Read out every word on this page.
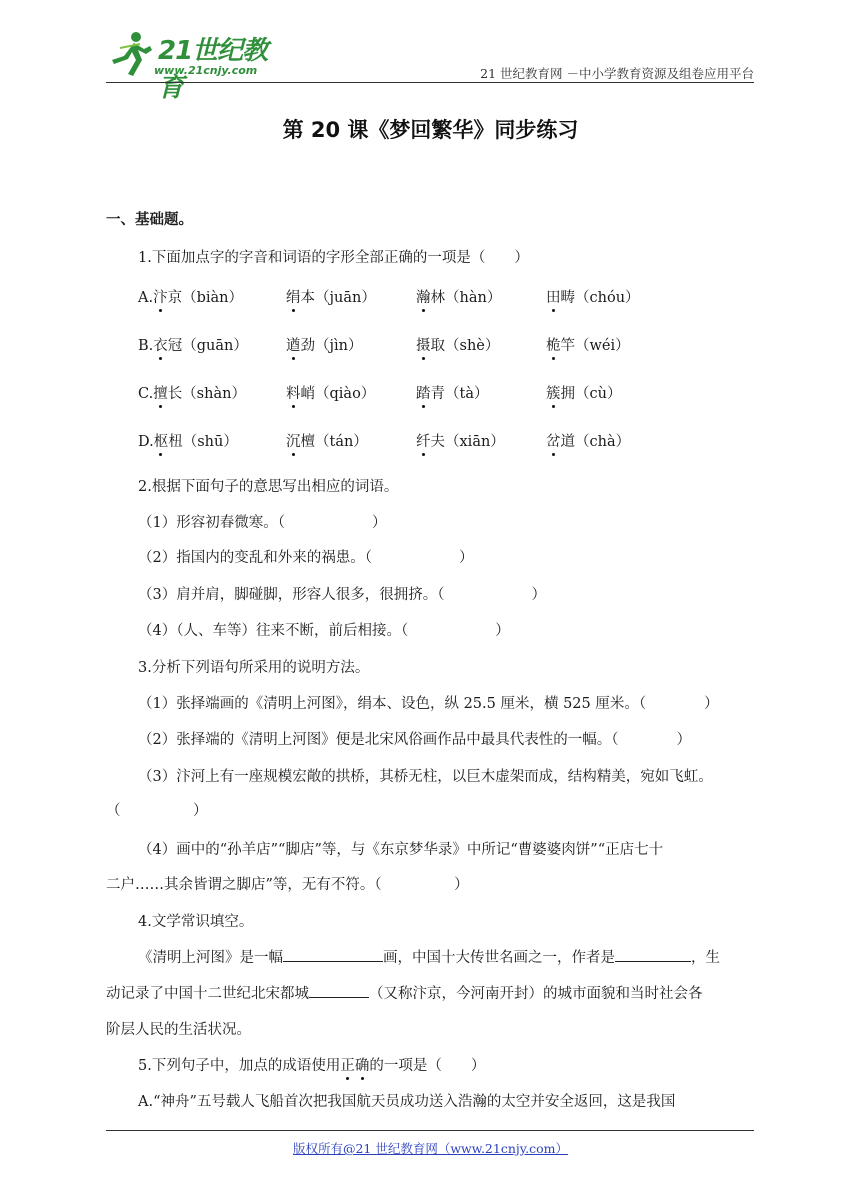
21世纪教育
www.21cnjy.com	21 世纪教育网 －中小学教育资源及组卷应用平台
第 20 课《梦回繁华》同步练习
一、基础题。
1.下面加点字的字音和词语的字形全部正确的一项是（　　）
A.汴京（biàn）	绢本（juān）	瀚林（hàn）	田畴（chóu）
B.衣冠（guān）	遒劲（jìn）	摄取（shè）	桅竿（wéi）
C.擅长（shàn）	料峭（qiào）	踏青（tà）	簇拥（cù）
D.枢杻（shū）	沉檀（tán）	纤夫（xiān）	岔道（chà）
2.根据下面句子的意思写出相应的词语。
（1）形容初春微寒。（　　　　　　）
（2）指国内的变乱和外来的祸患。（　　　　　　）
（3）肩并肩，脚碰脚，形容人很多，很拥挤。（　　　　　　）
（4）（人、车等）往来不断，前后相接。（　　　　　　）
3.分析下列语句所采用的说明方法。
（1）张择端画的《清明上河图》，绢本、设色，纵 25.5 厘米，横 525 厘米。（　　　　）
（2）张择端的《清明上河图》便是北宋风俗画作品中最具代表性的一幅。（　　　　）
（3）汴河上有一座规模宏敞的拱桥，其桥无柱，以巨木虚架而成，结构精美，宛如飞虹。
（　　　　　）
（4）画中的“孙羊店”“脚店”等，与《东京梦华录》中所记“曹婆婆肉饼”“正店七十
二户……其余皆谓之脚店”等，无有不符。（　　　　　）
4.文学常识填空。
《清明上河图》是一幅	画，中国十大传世名画之一，作者是	，生
动记录了中国十二世纪北宋都城	（又称汴京，今河南开封）的城市面貌和当时社会各
阶层人民的生活状况。
5.下列句子中，加点的成语使用正确的一项是（　　）
A.“神舟”五号载人飞船首次把我国航天员成功送入浩瀚的太空并安全返回，这是我国
版权所有@21 世纪教育网（www.21cnjy.com）
